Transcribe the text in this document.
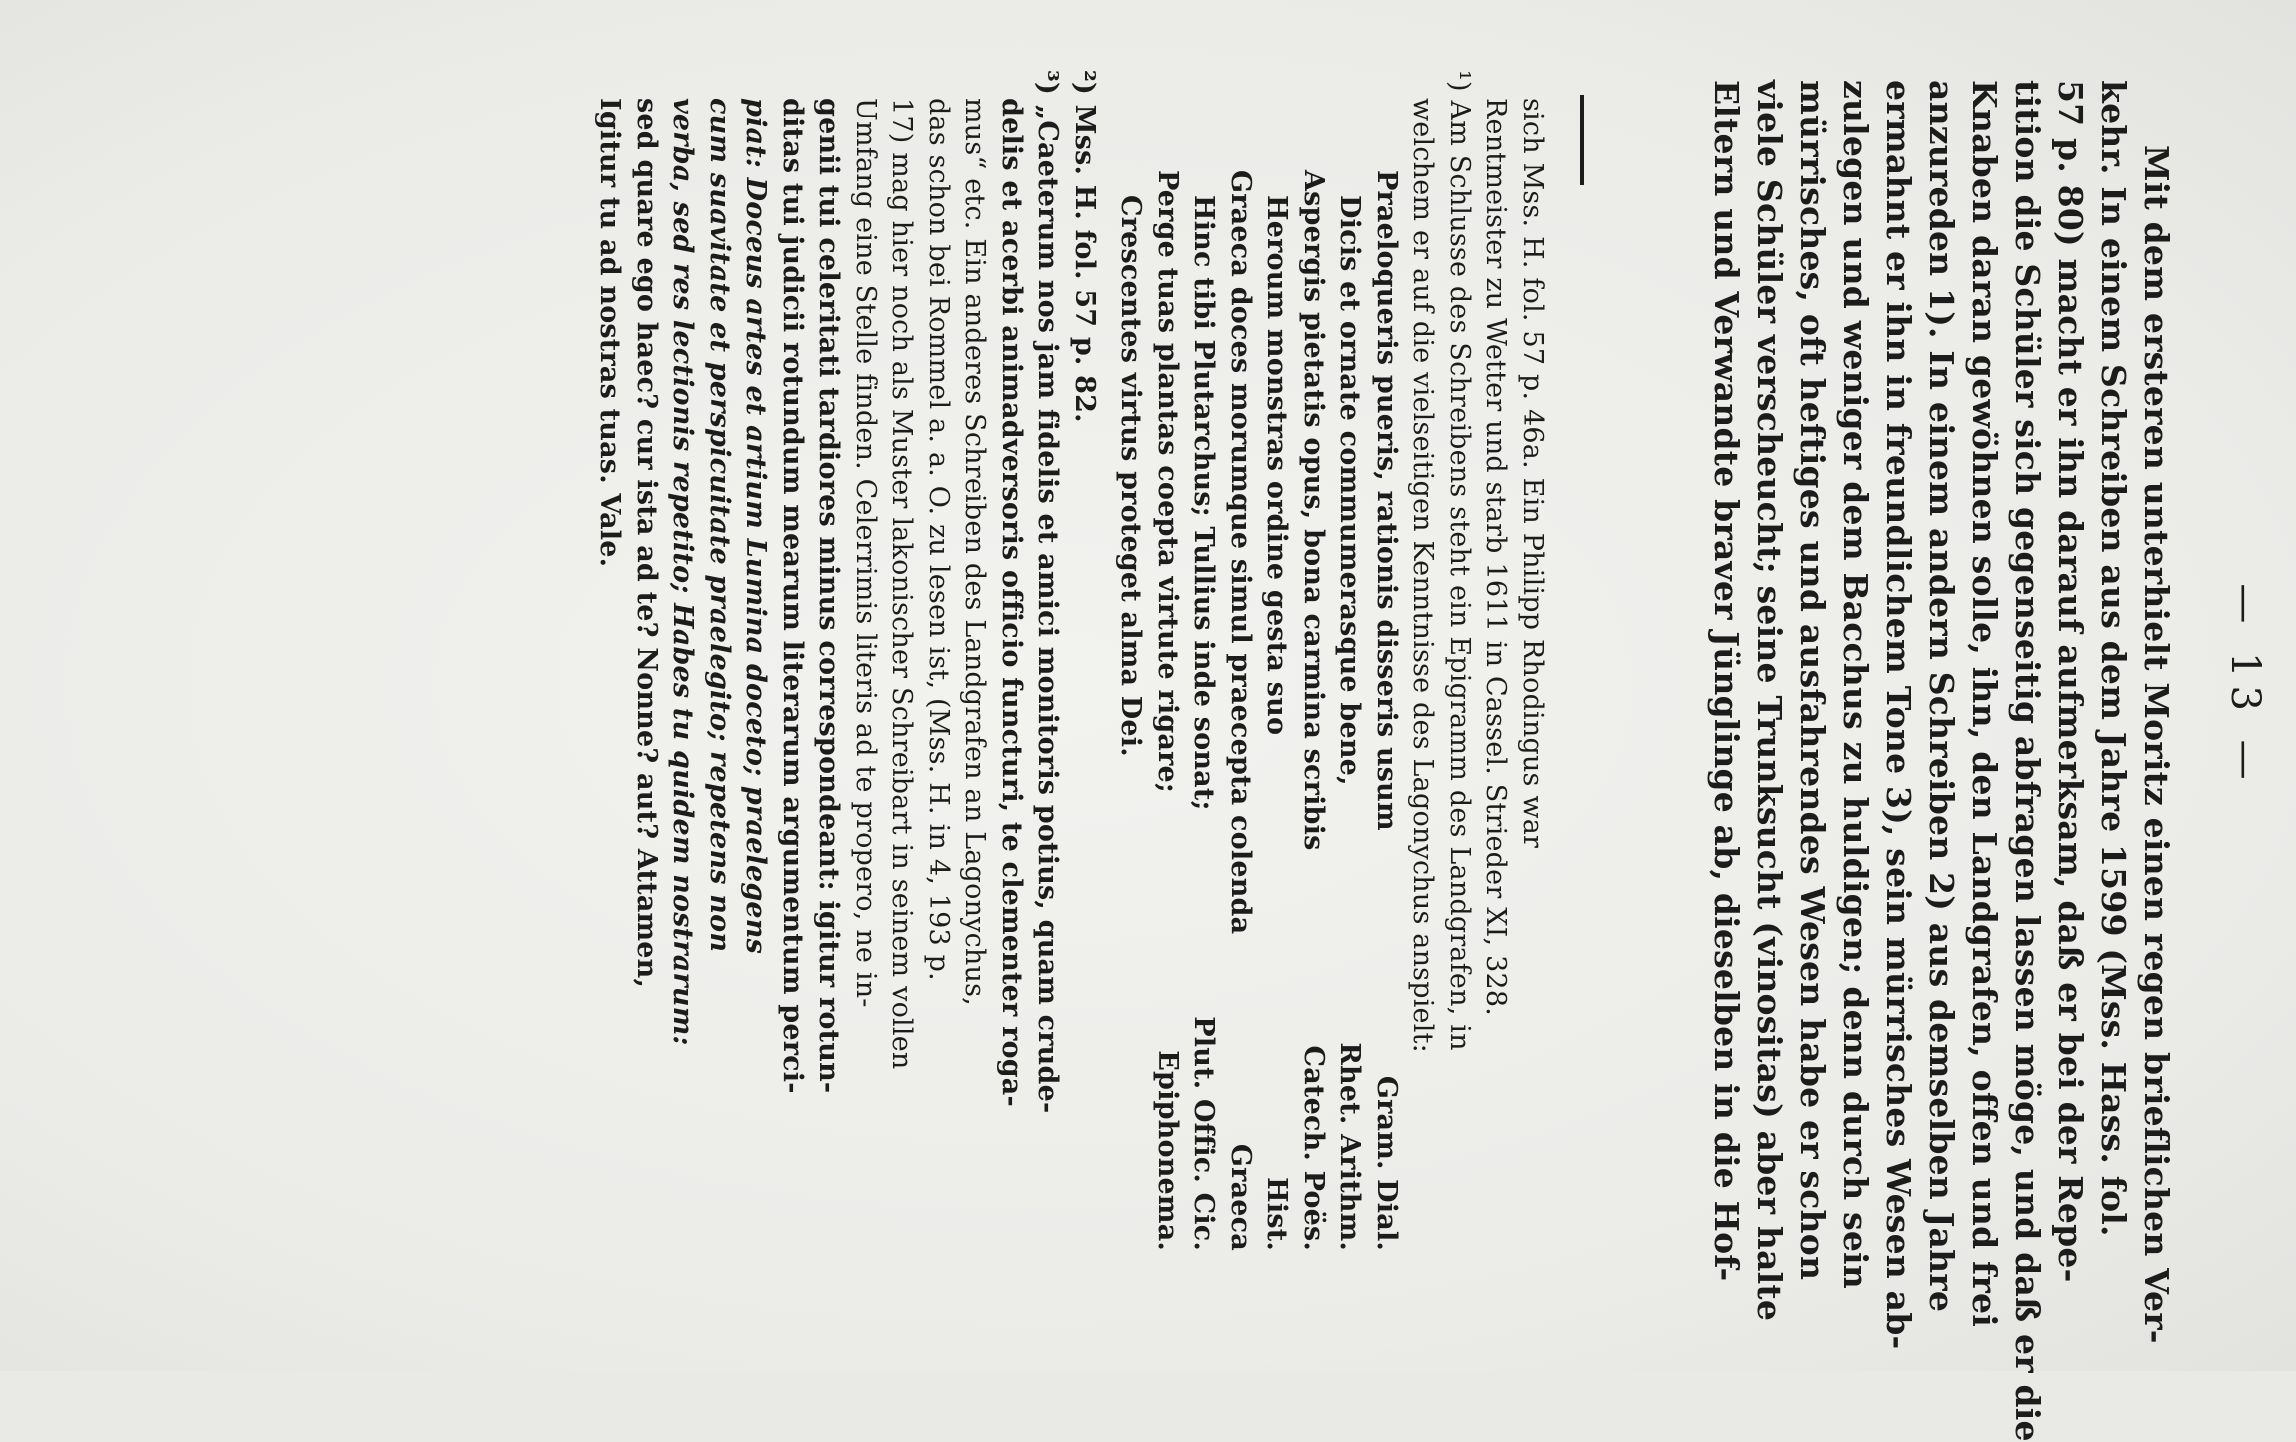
— 13 —
Mit dem ersteren unterhielt Moritz einen regen brieflichen Ver-
kehr. In einem Schreiben aus dem Jahre 1599 (Mss. Hass. fol.
57 p. 80) macht er ihn darauf aufmerksam, daß er bei der Repe-
tition die Schüler sich gegenseitig abfragen lassen möge, und daß er die
Knaben daran gewöhnen solle, ihn, den Landgrafen, offen und frei
anzureden 1). In einem andern Schreiben 2) aus demselben Jahre
ermahnt er ihn in freundlichem Tone 3), sein mürrisches Wesen ab-
zulegen und weniger dem Bacchus zu huldigen; denn durch sein
mürrisches, oft heftiges und ausfahrendes Wesen habe er schon
viele Schüler verscheucht; seine Trunksucht (vinositas) aber halte
Eltern und Verwandte braver Jünglinge ab, dieselben in die Hof-
sich Mss. H. fol. 57 p. 46a. Ein Philipp Rhodingus war
Rentmeister zu Wetter und starb 1611 in Cassel. Strieder XI, 328.
¹) Am Schlusse des Schreibens steht ein Epigramm des Landgrafen, in
welchem er auf die vielseitigen Kenntnisse des Lagonychus anspielt:
Praeloqueris pueris, rationis disseris usum
Gram. Dial.
Dicis et ornate commumerasque bene,
Rhet. Arithm.
Aspergis pietatis opus, bona carmina scribis
Catech. Poës.
Heroum monstras ordine gesta suo
Hist.
Graeca doces morumque simul praecepta colenda
Graeca
Hinc tibi Plutarchus; Tullius inde sonat;
Plut. Offic. Cic.
Perge tuas plantas coepta virtute rigare;
Epiphonema.
Crescentes virtus proteget alma Dei.
²) Mss. H. fol. 57 p. 82.
³) „Caeterum nos jam fidelis et amici monitoris potius, quam crude-
delis et acerbi animadversoris officio functuri, te clementer roga-
mus“ etc. Ein anderes Schreiben des Landgrafen an Lagonychus,
das schon bei Rommel a. a. O. zu lesen ist, (Mss. H. in 4, 193 p.
17) mag hier noch als Muster lakonischer Schreibart in seinem vollen
Umfang eine Stelle finden. Celerrimis literis ad te propero, ne in-
genii tui celeritati tardiores minus correspondeant: igitur rotun-
ditas tui judicii rotundum mearum literarum argumentum perci-
piat: Doceus artes et artium Lumina doceto; praelegens
cum suavitate et perspicuitate praelegito; repetens non
verba, sed res lectionis repetito; Habes tu quidem nostrarum:
sed quare ego haec? cur ista ad te? Nonne? aut? Attamen,
Igitur tu ad nostras tuas. Vale.
